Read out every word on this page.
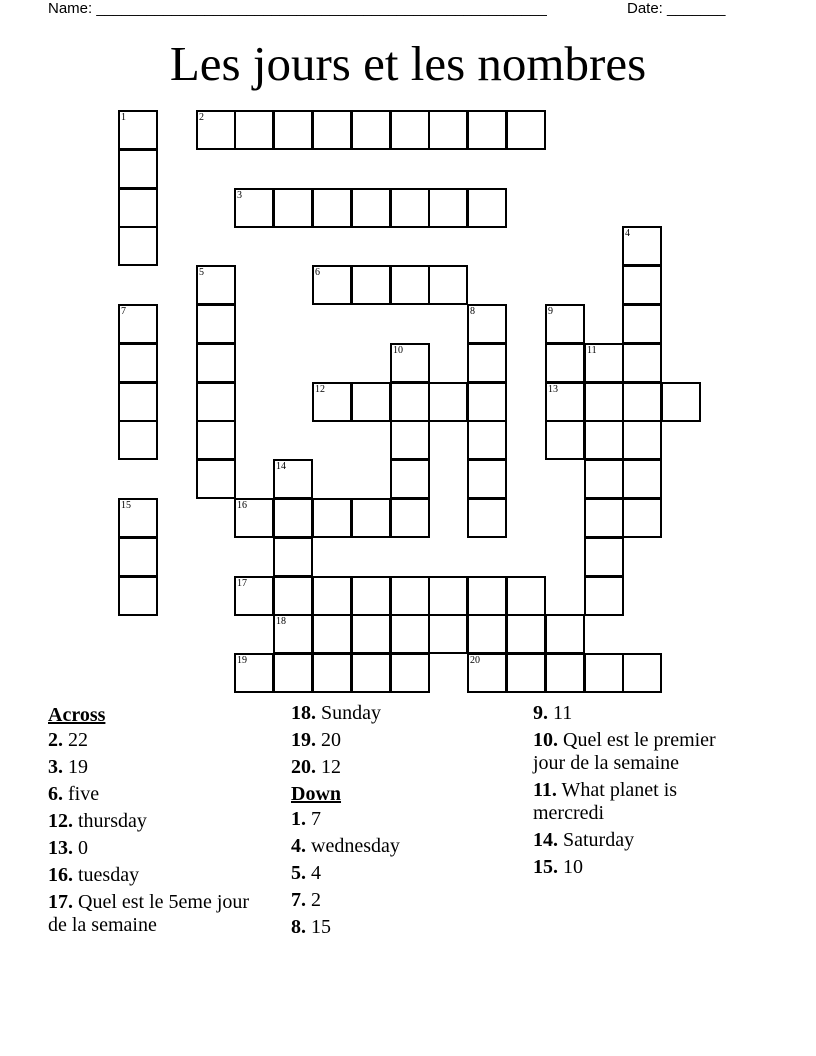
Name: ______________________________________________________	Date: _______
Les jours et les nombres
1	2
3
4
5	6
7	8	9
13
10	11
12
14
18
15	16
17
19	20
Across
2. 22
3. 19
6. five
12. thursday
13. 0
16. tuesday
17. Quel est le 5eme jour de la semaine
18. Sunday
19. 20
20. 12
Down
1. 7
4. wednesday
5. 4
7. 2
8. 15
9. 11
10. Quel est le premier jour de la semaine
11. What planet is mercredi
14. Saturday
15. 10
